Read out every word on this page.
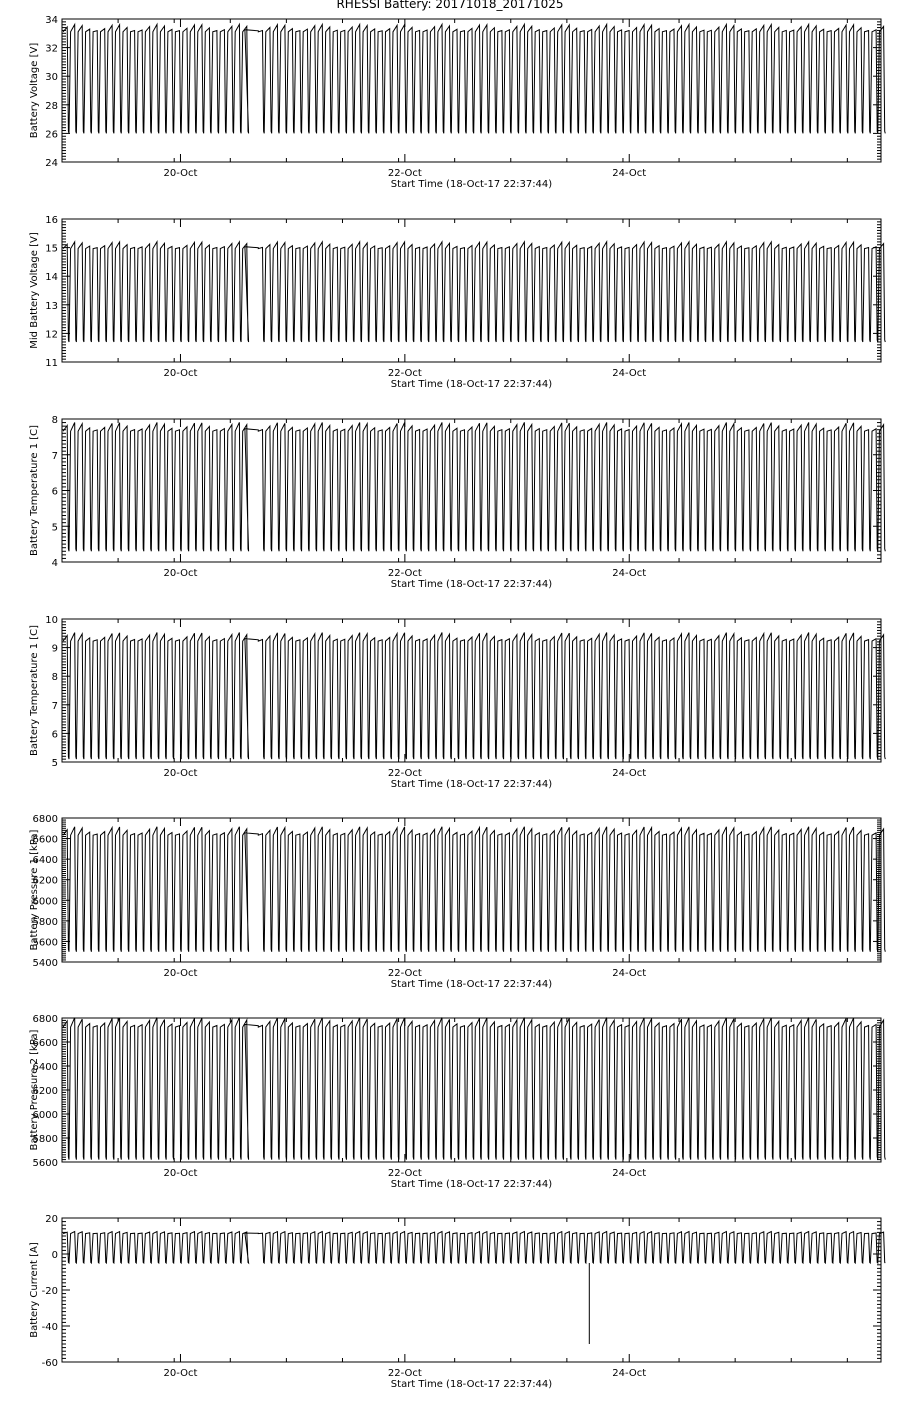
RHESSI Battery: 20171018_20171025
24
26
28
30
32
34
20-Oct	22-Oct	24-Oct
Start Time (18-Oct-17 22:37:44)
Battery Voltage [V]
11
12
13
14
15
16
20-Oct	22-Oct	24-Oct
Start Time (18-Oct-17 22:37:44)
Mid Battery Voltage [V]
4
5
6
7
8
20-Oct	22-Oct	24-Oct
Start Time (18-Oct-17 22:37:44)
Battery Temperature 1 [C]
5
6
7
8
9
10
20-Oct	22-Oct	24-Oct
Start Time (18-Oct-17 22:37:44)
Battery Temperature 1 [C]
5400
5600
5800
6000
6200
6400
6600
6800
20-Oct	22-Oct	24-Oct
Start Time (18-Oct-17 22:37:44)
Battery Pressure 1 [kPa]
5600
5800
6000
6200
6400
6600
6800
20-Oct	22-Oct	24-Oct
Start Time (18-Oct-17 22:37:44)
Battery Pressure 2 [kPa]
-60
-40
-20
0
20
20-Oct	22-Oct	24-Oct
Start Time (18-Oct-17 22:37:44)
Battery Current [A]
